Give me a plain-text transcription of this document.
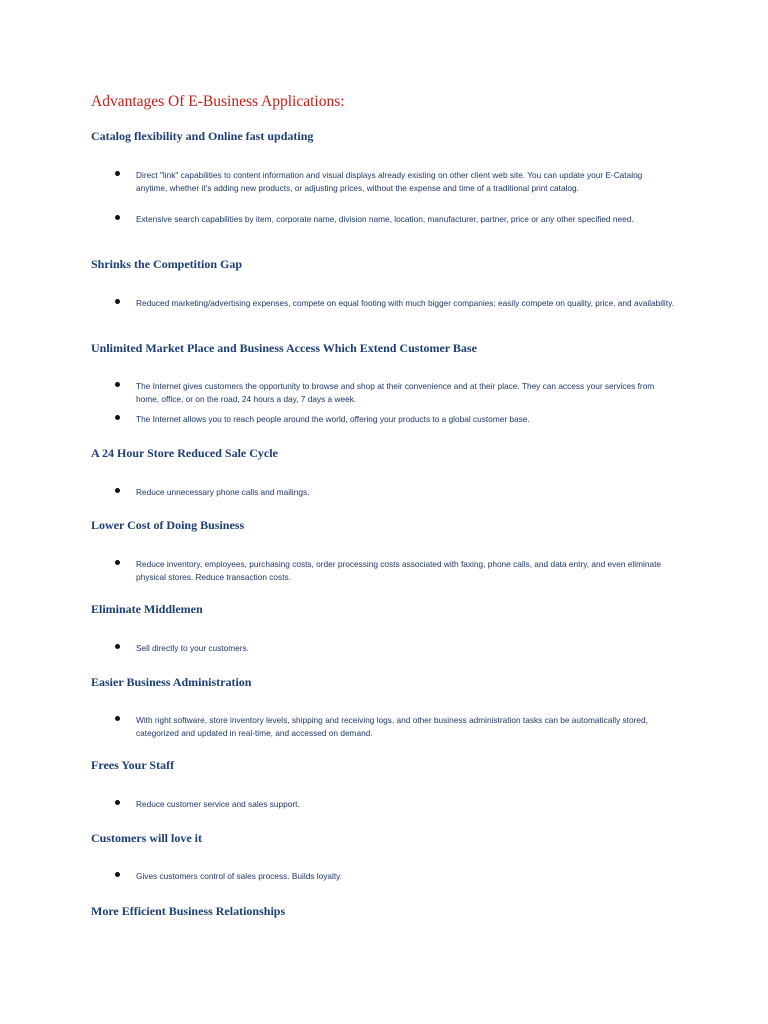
Advantages Of E-Business Applications:
Catalog flexibility and Online fast updating
Direct "link" capabilities to content information and visual displays already existing on other client web site. You can update your E-Catalog anytime, whether it's adding new products, or adjusting prices, without the expense and time of a traditional print catalog.
Extensive search capabilities by item, corporate name, division name, location, manufacturer, partner, price or any other specified need.
Shrinks the Competition Gap
Reduced marketing/advertising expenses, compete on equal footing with much bigger companies; easily compete on quality, price, and availability.
Unlimited Market Place and Business Access Which Extend Customer Base
The Internet gives customers the opportunity to browse and shop at their convenience and at their place. They can access your services from home, office, or on the road, 24 hours a day, 7 days a week.
The Internet allows you to reach people around the world, offering your products to a global customer base.
A 24 Hour Store Reduced Sale Cycle
Reduce unnecessary phone calls and mailings.
Lower Cost of Doing Business
Reduce inventory, employees, purchasing costs, order processing costs associated with faxing, phone calls, and data entry, and even eliminate physical stores. Reduce transaction costs.
Eliminate Middlemen
Sell directly to your customers.
Easier Business Administration
With right software, store inventory levels, shipping and receiving logs, and other business administration tasks can be automatically stored, categorized and updated in real-time, and accessed on demand.
Frees Your Staff
Reduce customer service and sales support.
Customers will love it
Gives customers control of sales process. Builds loyalty.
More Efficient Business Relationships
